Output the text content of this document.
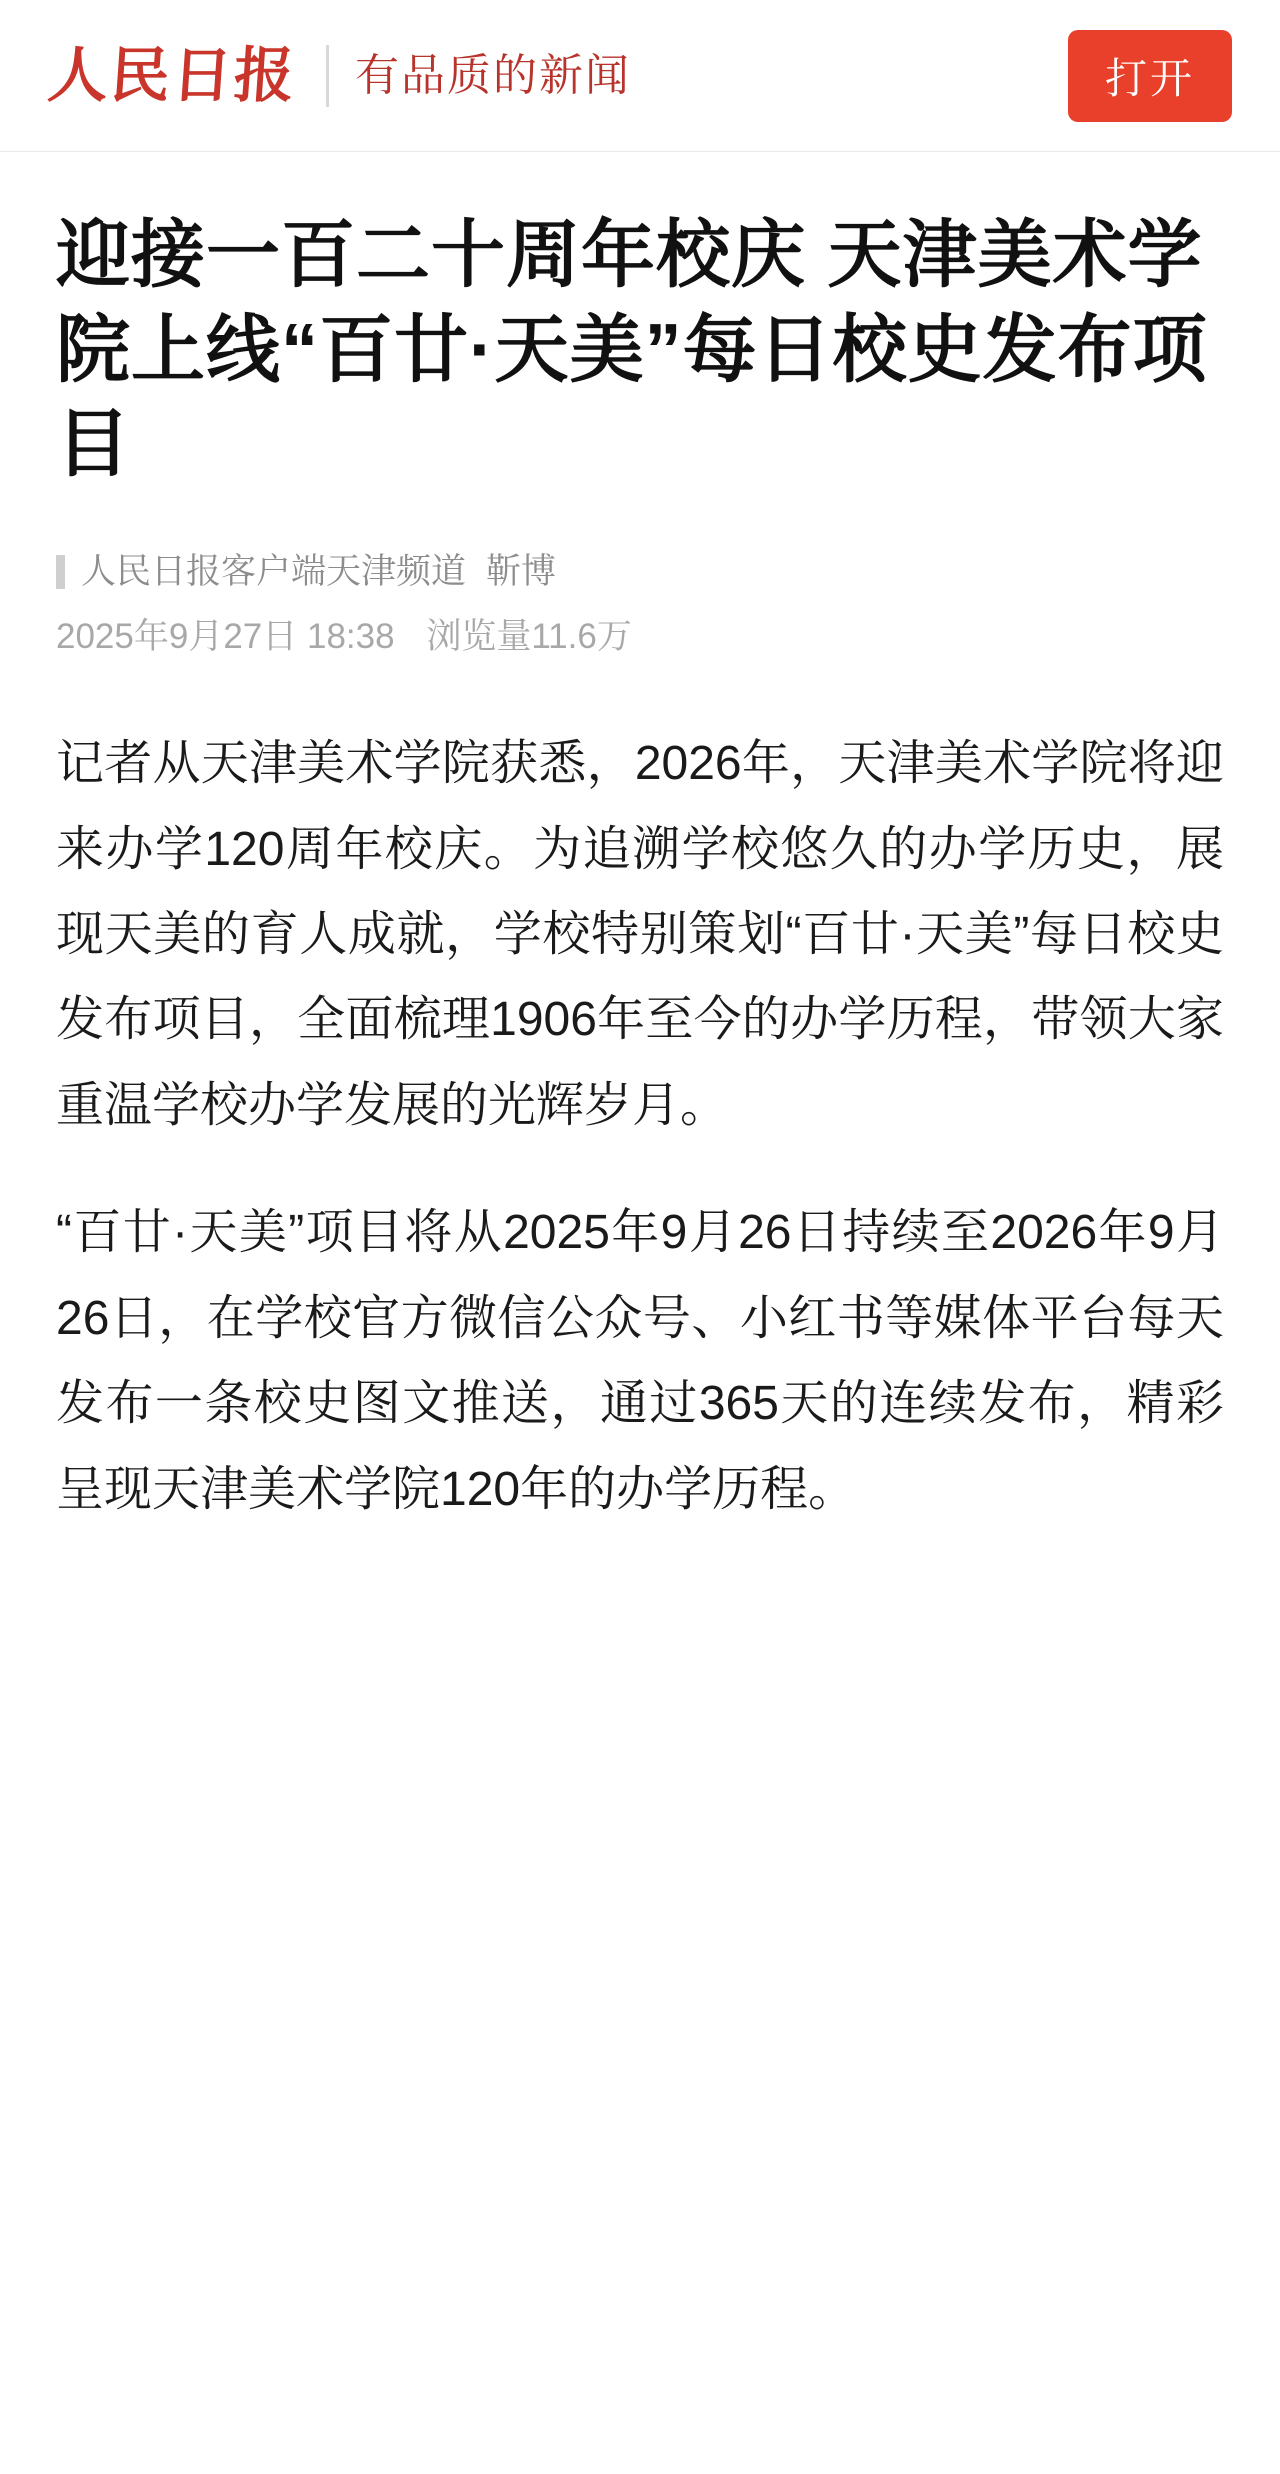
人民日报 有品质的新闻	打开
迎接一百二十周年校庆 天津美术学院上线“百廿·天美”每日校史发布项目
人民日报客户端天津频道 靳博
2025年9月27日 18:38 浏览量11.6万

记者从天津美术学院获悉，2026年，天津美术学院将迎来办学120周年校庆。为追溯学校悠久的办学历史，展现天美的育人成就，学校特别策划“百廿·天美”每日校史发布项目，全面梳理1906年至今的办学历程，带领大家重温学校办学发展的光辉岁月。

“百廿·天美”项目将从2025年9月26日持续至2026年9月26日，在学校官方微信公众号、小红书等媒体平台每天发布一条校史图文推送，通过365天的连续发布，精彩呈现天津美术学院120年的办学历程。
